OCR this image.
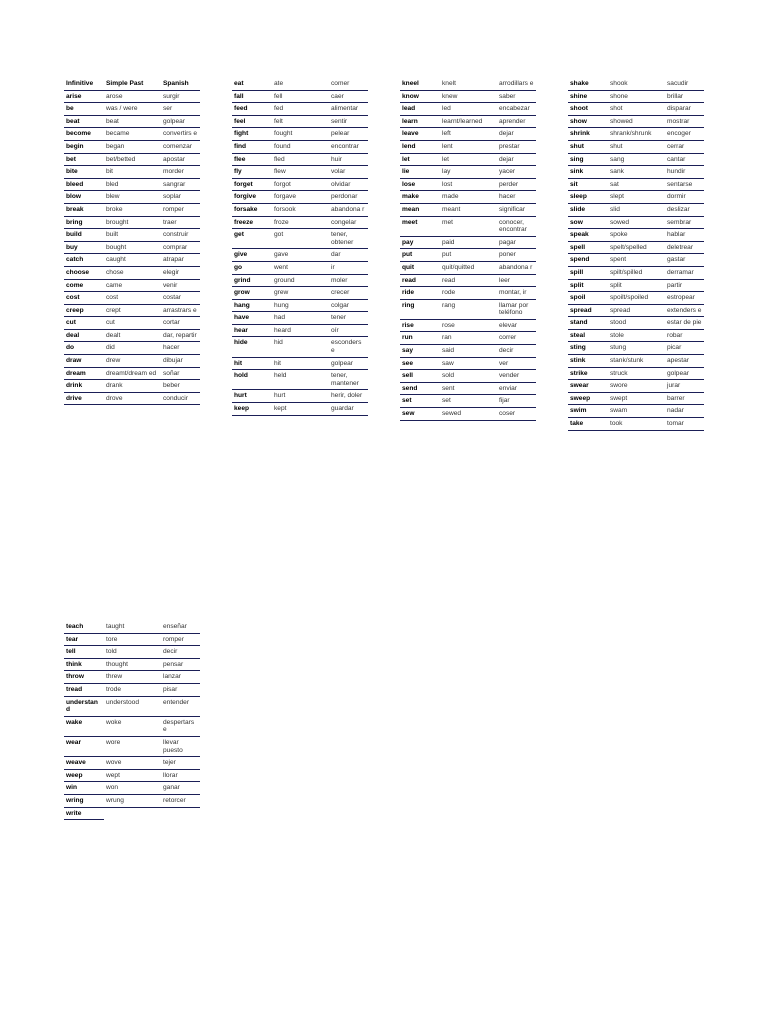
Infinitive	Simple Past	Spanish
arise	arose	surgir
be	was / were	ser
beat	beat	golpear
become	became	convertirs e
begin	began	comenzar
bet	bet/betted	apostar
bite	bit	morder
bleed	bled	sangrar
blow	blew	soplar
break	broke	romper
bring	brought	traer
build	built	construir
buy	bought	comprar
catch	caught	atrapar
choose	chose	elegir
come	came	venir
cost	cost	costar
creep	crept	arrastrars e
cut	cut	cortar
deal	dealt	dar, repartir
do	did	hacer
draw	drew	dibujar
dream	dreamt/dream ed	soñar
drink	drank	beber
drive	drove	conducir
eat	ate	comer
fall	fell	caer
feed	fed	alimentar
feel	felt	sentir
fight	fought	pelear
find	found	encontrar
flee	fled	huir
fly	flew	volar
forget	forgot	olvidar
forgive	forgave	perdonar
forsake	forsook	abandona r
freeze	froze	congelar
get	got	tener, obtener
give	gave	dar
go	went	ir
grind	ground	moler
grow	grew	crecer
hang	hung	colgar
have	had	tener
hear	heard	oír
hide	hid	esconders e
hit	hit	golpear
hold	held	tener, mantener
hurt	hurt	herir, doler
keep	kept	guardar
kneel	knelt	arrodillars e
know	knew	saber
lead	led	encabezar
learn	learnt/learned	aprender
leave	left	dejar
lend	lent	prestar
let	let	dejar
lie	lay	yacer
lose	lost	perder
make	made	hacer
mean	meant	significar
meet	met	conocer, encontrar
pay	paid	pagar
put	put	poner
quit	quit/quitted	abandona r
read	read	leer
ride	rode	montar, ir
ring	rang	llamar por teléfono
rise	rose	elevar
run	ran	correr
say	said	decir
see	saw	ver
sell	sold	vender
send	sent	enviar
set	set	fijar
sew	sewed	coser
shake	shook	sacudir
shine	shone	brillar
shoot	shot	disparar
show	showed	mostrar
shrink	shrank/shrunk	encoger
shut	shut	cerrar
sing	sang	cantar
sink	sank	hundir
sit	sat	sentarse
sleep	slept	dormir
slide	slid	deslizar
sow	sowed	sembrar
speak	spoke	hablar
spell	spelt/spelled	deletrear
spend	spent	gastar
spill	spilt/spilled	derramar
split	split	partir
spoil	spoilt/spoiled	estropear
spread	spread	extenders e
stand	stood	estar de pie
steal	stole	robar
sting	stung	picar
stink	stank/stunk	apestar
strike	struck	golpear
swear	swore	jurar
sweep	swept	barrer
swim	swam	nadar
take	took	tomar
teach	taught	enseñar
tear	tore	romper
tell	told	decir
think	thought	pensar
throw	threw	lanzar
tread	trode	pisar
understan d	understood	entender
wake	woke	despertars e
wear	wore	llevar puesto
weave	wove	tejer
weep	wept	llorar
win	won	ganar
wring	wrung	retorcer
write		
